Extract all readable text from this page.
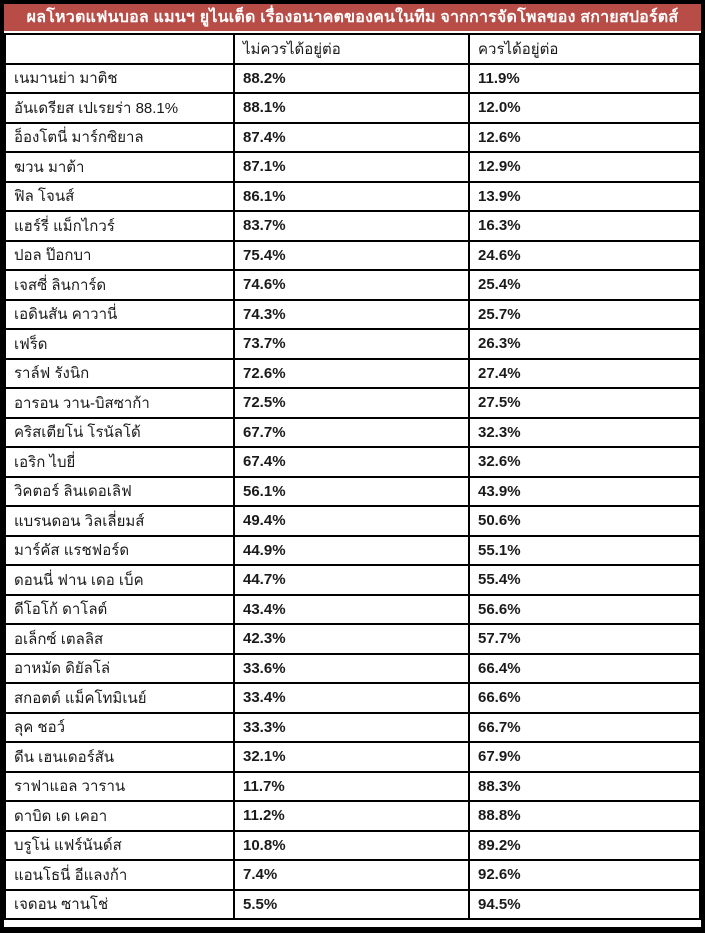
ผลโหวตแฟนบอล แมนฯ ยูไนเต็ด เรื่องอนาคตของคนในทีม จากการจัดโพลของ สกายสปอร์ตส์
	ไม่ควรได้อยู่ต่อ	ควรได้อยู่ต่อ
เนมานย่า มาติช	88.2%	11.9%
อันเดรียส เปเรยร่า 88.1%	88.1%	12.0%
อ็องโตนี่ มาร์กซิยาล	87.4%	12.6%
ฆวน มาต้า	87.1%	12.9%
ฟิล โจนส์	86.1%	13.9%
แฮร์รี่ แม็กไกวร์	83.7%	16.3%
ปอล ป๊อกบา	75.4%	24.6%
เจสซี่ ลินการ์ด	74.6%	25.4%
เอดินสัน คาวานี่	74.3%	25.7%
เฟร็ด	73.7%	26.3%
ราล์ฟ รังนิก	72.6%	27.4%
อารอน วาน-บิสซาก้า	72.5%	27.5%
คริสเตียโน่ โรนัลโด้	67.7%	32.3%
เอริก ไบยี่	67.4%	32.6%
วิคตอร์ ลินเดอเลิฟ	56.1%	43.9%
แบรนดอน วิลเลี่ยมส์	49.4%	50.6%
มาร์คัส แรชฟอร์ด	44.9%	55.1%
ดอนนี่ ฟาน เดอ เบ็ค	44.7%	55.4%
ดีโอโก้ ดาโลต์	43.4%	56.6%
อเล็กซ์ เตลลิส	42.3%	57.7%
อาหมัด ดิยัลโล่	33.6%	66.4%
สกอตต์ แม็คโทมิเนย์	33.4%	66.6%
ลุค ชอว์	33.3%	66.7%
ดีน เฮนเดอร์สัน	32.1%	67.9%
ราฟาแอล วาราน	11.7%	88.3%
ดาบิด เด เคอา	11.2%	88.8%
บรูโน่ แฟร์นันด์ส	10.8%	89.2%
แอนโธนี่ อีแลงก้า	7.4%	92.6%
เจดอน ซานโช่	5.5%	94.5%
